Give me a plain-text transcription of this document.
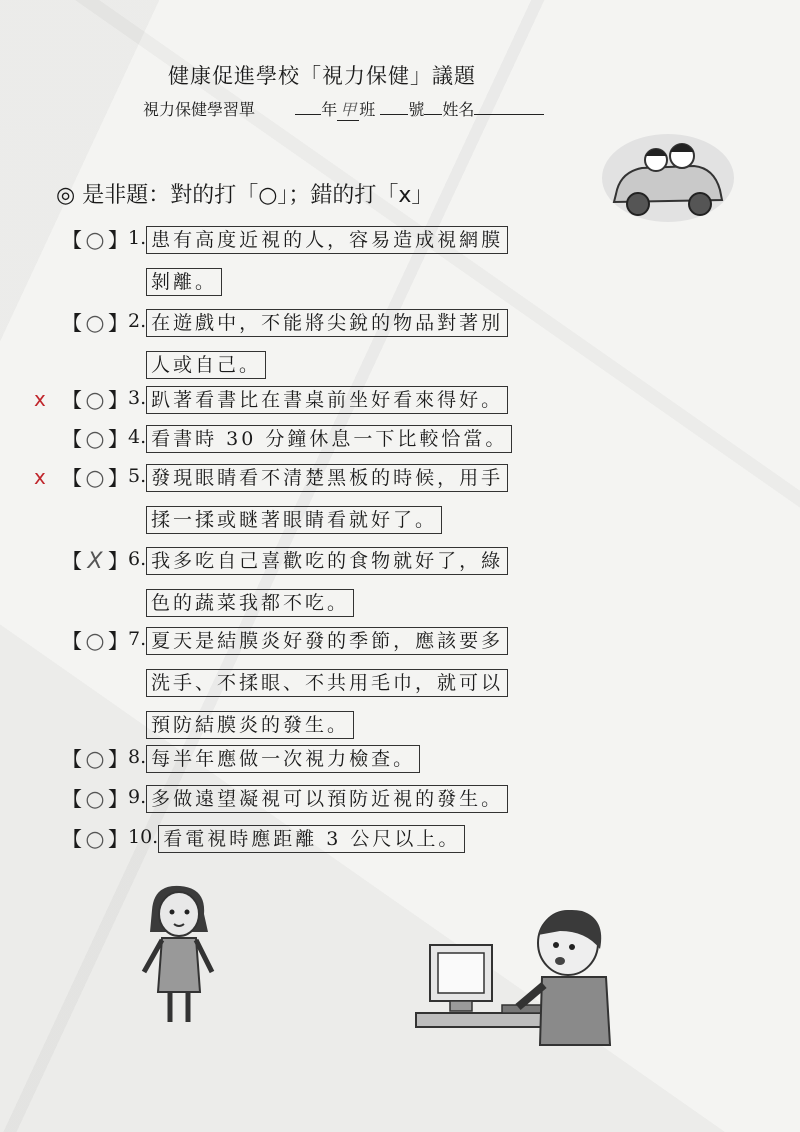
健康促進學校「視力保健」議題
視力保健學習單	年 甲 班 號 姓名
◎ 是非題：對的打「○」；錯的打「x」
【 ○ 】 1. 患有高度近視的人，容易造成視網膜
剝離。
【 ○ 】 2. 在遊戲中，不能將尖銳的物品對著別
人或自己。
x 【 ○ 】 3. 趴著看書比在書桌前坐好看來得好。
【 ○ 】 4. 看書時 30 分鐘休息一下比較恰當。
x 【 ○ 】 5. 發現眼睛看不清楚黑板的時候，用手
揉一揉或瞇著眼睛看就好了。
【 X 】 6. 我多吃自己喜歡吃的食物就好了，綠
色的蔬菜我都不吃。
【 ○ 】 7. 夏天是結膜炎好發的季節，應該要多
洗手、不揉眼、不共用毛巾，就可以
預防結膜炎的發生。
【 ○ 】 8. 每半年應做一次視力檢查。
【 ○ 】 9. 多做遠望凝視可以預防近視的發生。
【 ○ 】 10. 看電視時應距離 3 公尺以上。
